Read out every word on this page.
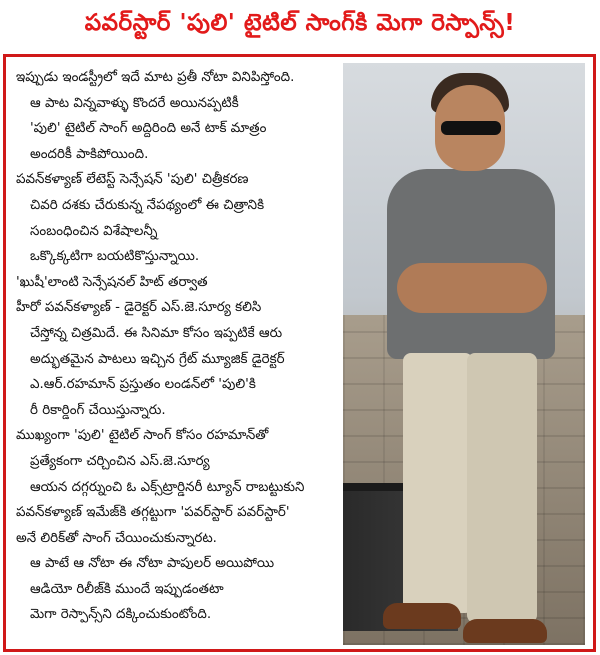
పవర్‌స్టార్ 'పులి' టైటిల్ సాంగ్‌కి మెగా రెస్పాన్స్!
ఇప్పుడు ఇండస్ట్రీలో ఇదే మాట ప్రతీ నోటా వినిపిస్తోంది.
ఆ పాట విన్నవాళ్ళు కొందరే అయినప్పటికీ
'పులి' టైటిల్ సాంగ్ అద్దిరింది అనే టాక్ మాత్రం
అందరికీ పాకిపోయింది.
పవన్‌కళ్యాణ్ లేటెస్ట్ సెన్సేషన్ 'పులి' చిత్రీకరణ
చివరి దశకు చేరుకున్న నేపథ్యంలో ఈ చిత్రానికి
సంబంధించిన విశేషాలన్నీ
ఒక్కొక్కటిగా బయటికొస్తున్నాయి.
'ఖుషీ'లాంటి సెన్సేషనల్ హిట్ తర్వాత
హీరో పవన్‌కళ్యాణ్ - డైరెక్టర్ ఎస్.జె.సూర్య కలిసి
చేస్తోన్న చిత్రమిదే. ఈ సినిమా కోసం ఇప్పటికే ఆరు
అద్భుతమైన పాటలు ఇచ్చిన గ్రేట్ మ్యూజిక్ డైరెక్టర్
ఎ.ఆర్.రహమాన్ ప్రస్తుతం లండన్‌లో 'పులి'కి
రీ రికార్డింగ్ చేయిస్తున్నారు.
ముఖ్యంగా 'పులి' టైటిల్ సాంగ్ కోసం రహమాన్‌తో
ప్రత్యేకంగా చర్చించిన ఎస్.జె.సూర్య
ఆయన దగ్గర్నుంచి ఓ ఎక్స్‌ట్రార్డినరీ ట్యూన్ రాబట్టుకుని
పవన్‌కళ్యాణ్ ఇమేజ్‌కి తగ్గట్టుగా 'పవర్‌స్టార్ పవర్‌స్టార్'
అనే లిరిక్‌తో సాంగ్ చేయించుకున్నారట.
ఆ పాటే ఆ నోటా ఈ నోటా పాపులర్ అయిపోయి
ఆడియో రిలీజ్‌కి ముందే ఇప్పుడంతటా
మెగా రెస్పాన్స్‌ని దక్కించుకుంటోంది.
